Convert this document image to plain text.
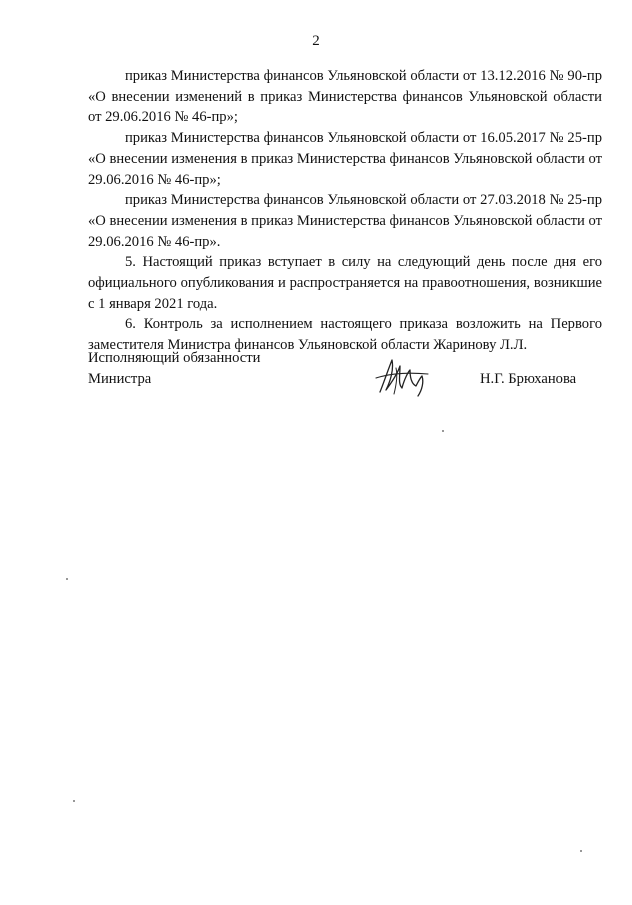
2

приказ Министерства финансов Ульяновской области от 13.12.2016 № 90-пр «О внесении изменений в приказ Министерства финансов Ульяновской области от 29.06.2016 № 46-пр»;

приказ Министерства финансов Ульяновской области от 16.05.2017 № 25-пр «О внесении изменения в приказ Министерства финансов Ульяновской области от 29.06.2016 № 46-пр»;

приказ Министерства финансов Ульяновской области от 27.03.2018 № 25-пр «О внесении изменения в приказ Министерства финансов Ульяновской области от 29.06.2016 № 46-пр».

5. Настоящий приказ вступает в силу на следующий день после дня его официального опубликования и распространяется на правоотношения, возникшие с 1 января 2021 года.

6. Контроль за исполнением настоящего приказа возложить на Первого заместителя Министра финансов Ульяновской области Жаринову Л.Л.

Исполняющий обязанности
Министра	Н.Г. Брюханова
